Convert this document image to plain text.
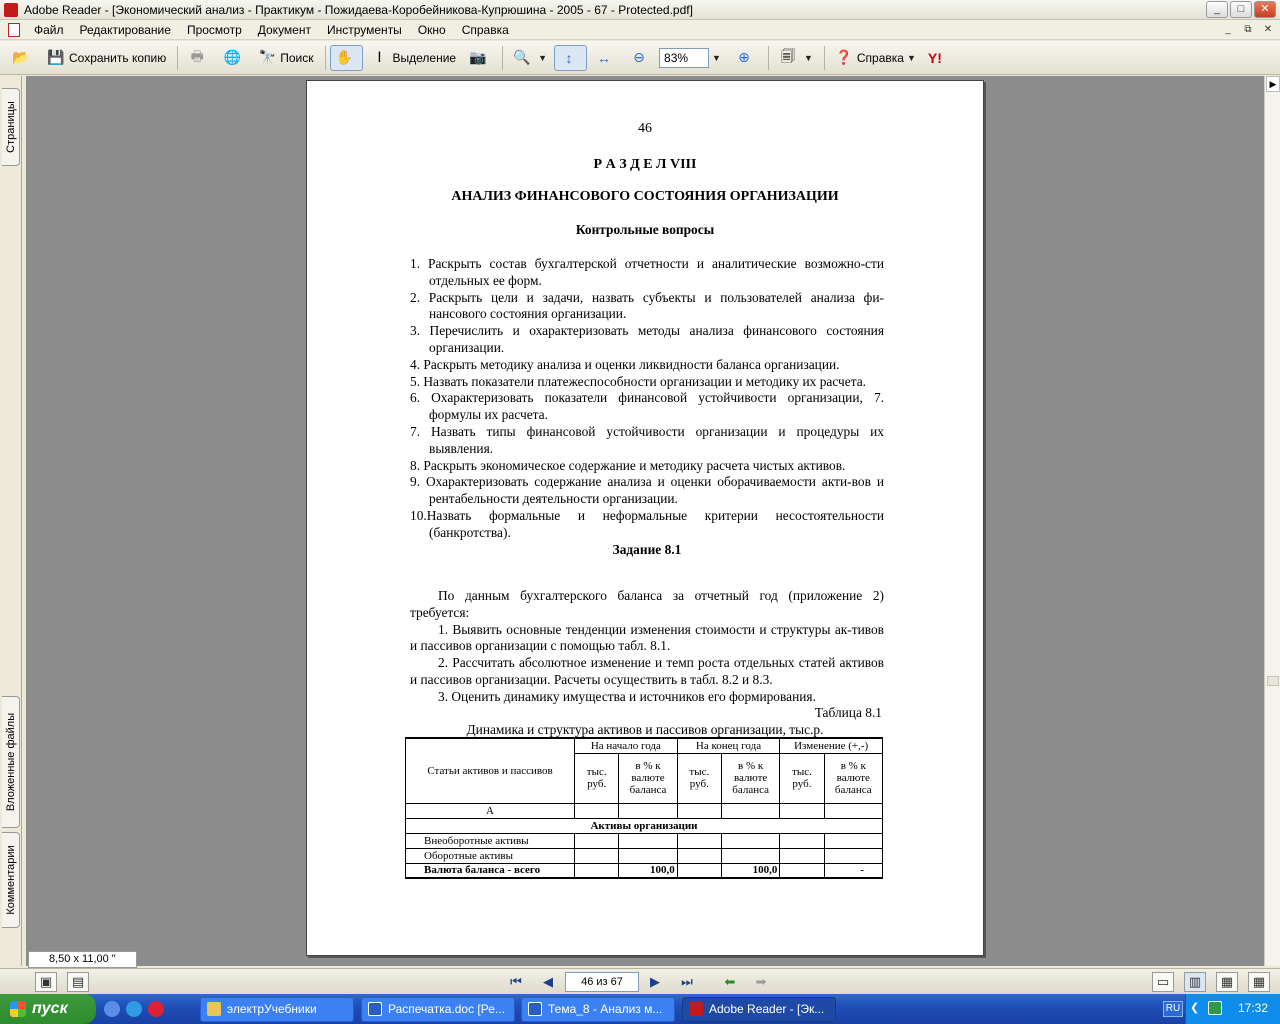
Adobe Reader - [Экономический анализ - Практикум - Пожидаева-Коробейникова-Купрюшина - 2005 - 67 - Protected.pdf]	_	□	✕
Файл	Редактирование	Просмотр	Документ	Инструменты	Окно	Справка	_	⧉	✕
📂 💾 Сохранить копию 🖶 🌐 🔭 Поиск ✋	Ⅰ Выделение 📷 🔍 ▼	↕	↔ ⊖	83%	▼ ⊕ 🗐	▼ ❓ Справка ▼ Y!
Страницы
Вложенные файлы
Комментарии
46
Р А З Д Е Л VIII
АНАЛИЗ ФИНАНСОВОГО СОСТОЯНИЯ ОРГАНИЗАЦИИ
Контрольные вопросы
1. Раскрыть состав бухгалтерской отчетности и аналитические возможно-сти отдельных ее форм.
2. Раскрыть цели и задачи, назвать субъекты и пользователей анализа фи-нансового состояния организации.
3. Перечислить и охарактеризовать методы анализа финансового состояния организации.
4. Раскрыть методику анализа и оценки ликвидности баланса организации.
5. Назвать показатели платежеспособности организации и методику их расчета.
6. Охарактеризовать показатели финансовой устойчивости организации, 7. формулы их расчета.
7. Назвать типы финансовой устойчивости организации и процедуры их выявления.
8. Раскрыть экономическое содержание и методику расчета чистых активов.
9. Охарактеризовать содержание анализа и оценки оборачиваемости акти-вов и рентабельности деятельности организации.
10.Назвать формальные и неформальные критерии несостоятельности (банкротства).
Задание 8.1

По данным бухгалтерского баланса за отчетный год (приложение 2) требуется:

1. Выявить основные тенденции изменения стоимости и структуры ак-тивов и пассивов организации с помощью табл. 8.1.

2. Рассчитать абсолютное изменение и темп роста отдельных статей активов и пассивов организации. Расчеты осуществить в табл. 8.2 и 8.3.

3. Оценить динамику имущества и источников его формирования.

Таблица 8.1
Динамика и структура активов и пассивов организации, тыс.р.
Статьи активов и пассивов	На начало года		На конец года		Изменение (+,-)	
	тыс. руб.	в % к валюте баланса	тыс. руб.	в % к валюте баланса	тыс. руб.	в % к валюте баланса
А						
Активы организации						
Внеоборотные активы						
Оборотные активы						
Валюта баланса - всего		100,0		100,0		-
▶
8,50 x 11,00 "
▣	▤	⏮	◀	46 из 67	▶	⏭	⬅	➡	▭	▥	▦	▦
пуск	электрУчебники	Распечатка.doc [Ре...	Тема_8 - Анализ м...	Adobe Reader - [Эк...	RU ❮	17:32
